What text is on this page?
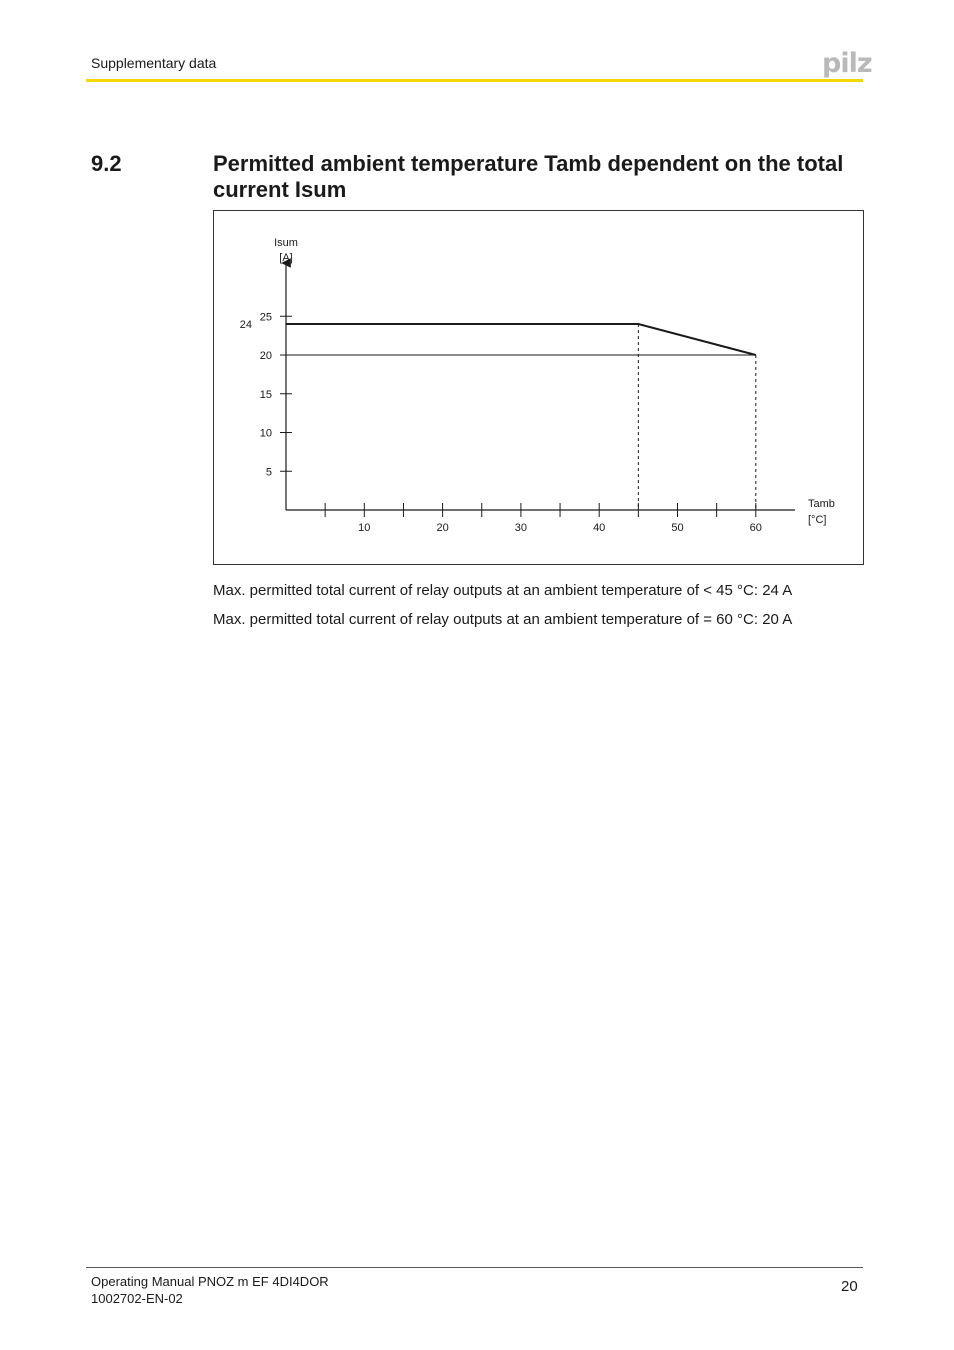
Supplementary data	pilz
9.2	Permitted ambient temperature Tamb dependent on the total current Isum
5
10
15
20
25
24
10	20	30	40	50	60
Isum
[A]
Tamb
[°C]
Max. permitted total current of relay outputs at an ambient temperature of < 45 °C: 24 A
Max. permitted total current of relay outputs at an ambient temperature of = 60 °C: 20 A
Operating Manual PNOZ m EF 4DI4DOR
1002702-EN-02
20
